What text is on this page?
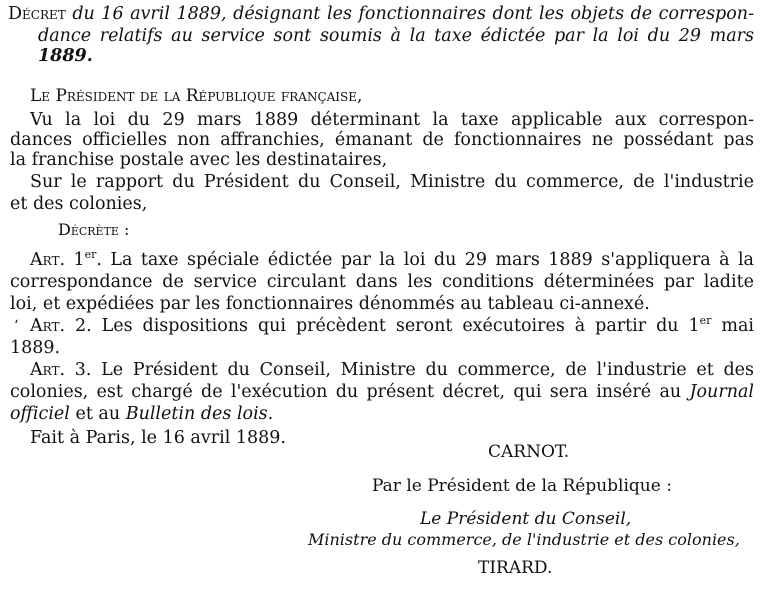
Décret du 16 avril 1889, désignant les fonctionnaires dont les objets de correspon-
dance relatifs au service sont soumis à la taxe édictée par la loi du 29 mars
1889.
Le Président de la République française,
Vu la loi du 29 mars 1889 déterminant la taxe applicable aux correspon-
dances officielles non affranchies, émanant de fonctionnaires ne possédant pas
la franchise postale avec les destinataires,
Sur le rapport du Président du Conseil, Ministre du commerce, de l'industrie
et des colonies,
Décrète :
Art. 1er. La taxe spéciale édictée par la loi du 29 mars 1889 s'appliquera à la
correspondance de service circulant dans les conditions déterminées par ladite
loi, et expédiées par les fonctionnaires dénommés au tableau ci-annexé.
‘ Art. 2. Les dispositions qui précèdent seront exécutoires à partir du 1er mai
1889.
Art. 3. Le Président du Conseil, Ministre du commerce, de l'industrie et des
colonies, est chargé de l'exécution du présent décret, qui sera inséré au Journal
officiel et au Bulletin des lois.
Fait à Paris, le 16 avril 1889.
CARNOT.
Par le Président de la République :
Le Président du Conseil,
Ministre du commerce, de l'industrie et des colonies,
TIRARD.
